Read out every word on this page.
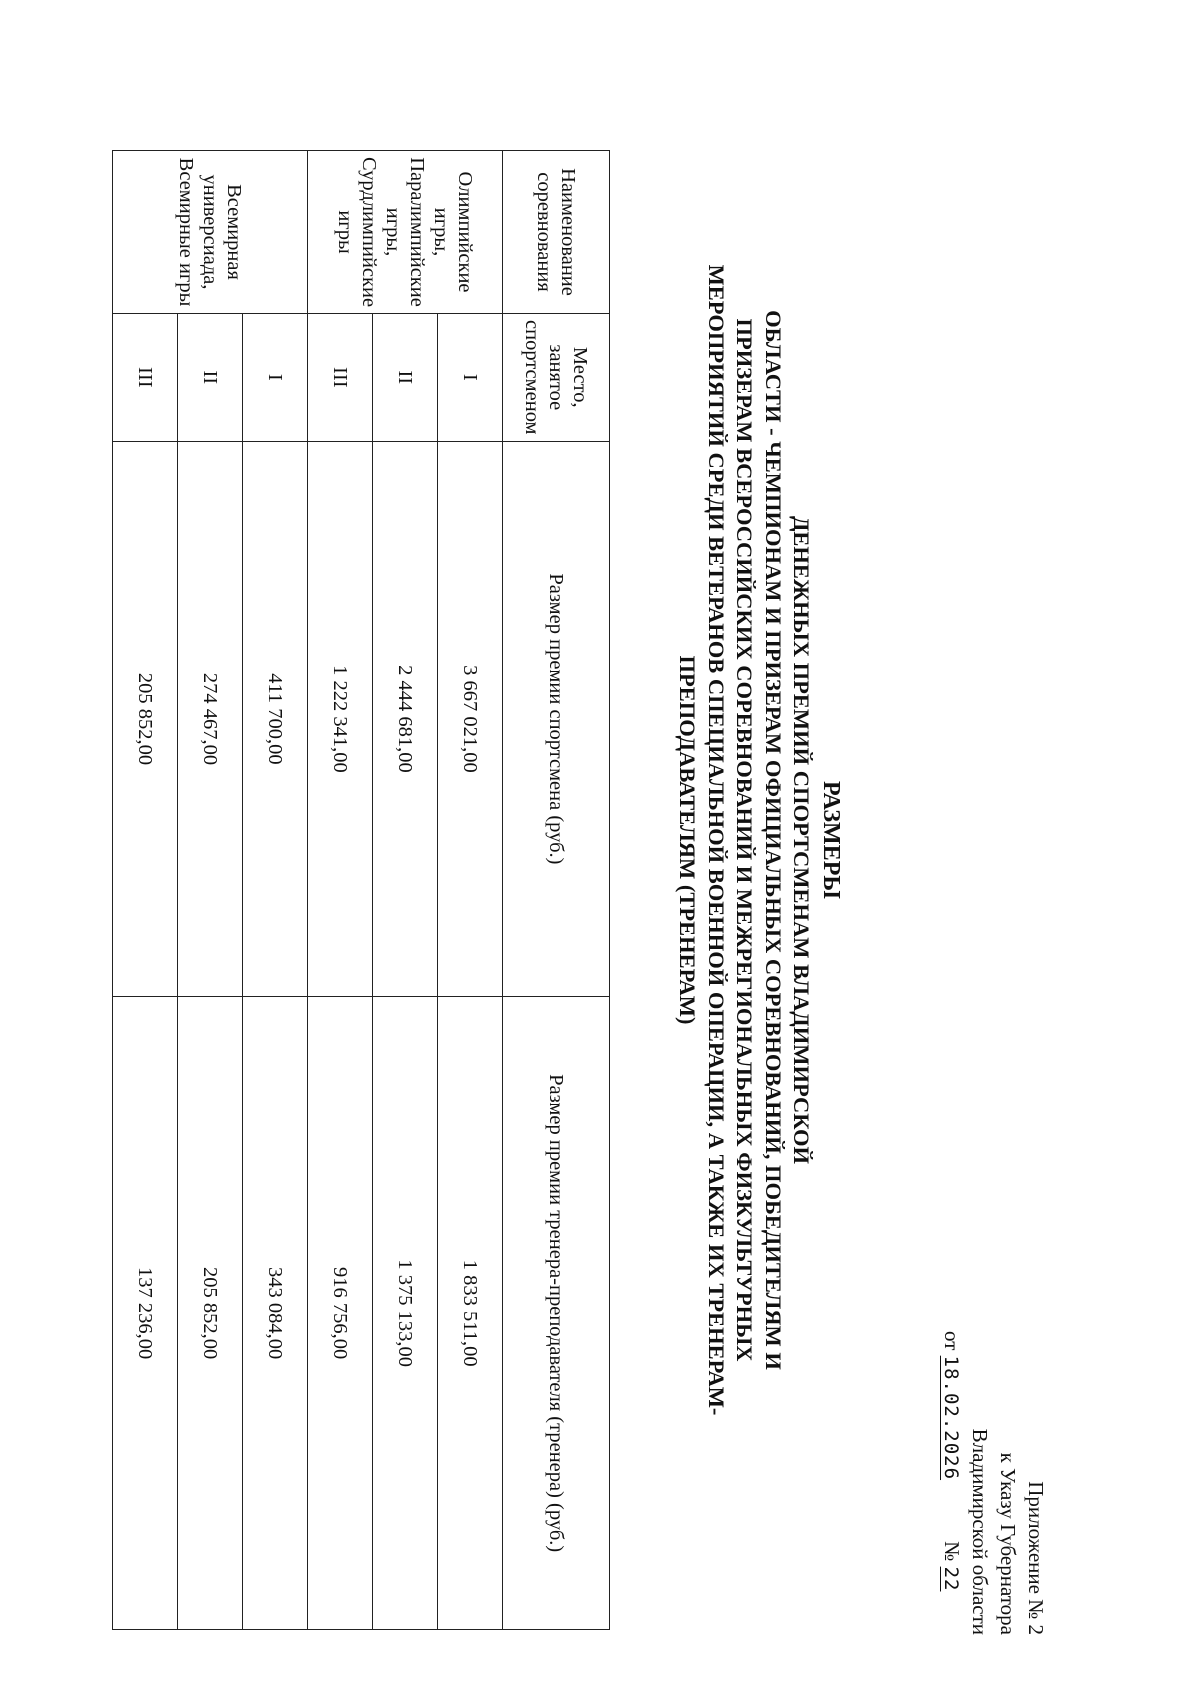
Приложение № 2
к Указу Губернатора
Владимирской области
от 18.02.2026 № 22
РАЗМЕРЫ
ДЕНЕЖНЫХ ПРЕМИЙ СПОРТСМЕНАМ ВЛАДИМИРСКОЙ
ОБЛАСТИ - ЧЕМПИОНАМ И ПРИЗЕРАМ ОФИЦИАЛЬНЫХ СОРЕВНОВАНИЙ, ПОБЕДИТЕЛЯМ И
ПРИЗЕРАМ ВСЕРОССИЙСКИХ СОРЕВНОВАНИЙ И МЕЖРЕГИОНАЛЬНЫХ ФИЗКУЛЬТУРНЫХ
МЕРОПРИЯТИЙ СРЕДИ ВЕТЕРАНОВ СПЕЦИАЛЬНОЙ ВОЕННОЙ ОПЕРАЦИИ, А ТАКЖЕ ИХ ТРЕНЕРАМ-
ПРЕПОДАВАТЕЛЯМ (ТРЕНЕРАМ)
Наименование соревнования	Место, занятое спортсменом	Размер премии спортсмена (руб.)	Размер премии тренера-преподавателя (тренера) (руб.)
Олимпийские игры, Паралимпийские игры, Сурдлимпийские игры	I	3 667 021,00	1 833 511,00
	II	2 444 681,00	1 375 133,00
	III	1 222 341,00	916 756,00
Всемирная универсиада, Всемирные игры	I	411 700,00	343 084,00
	II	274 467,00	205 852,00
	III	205 852,00	137 236,00
